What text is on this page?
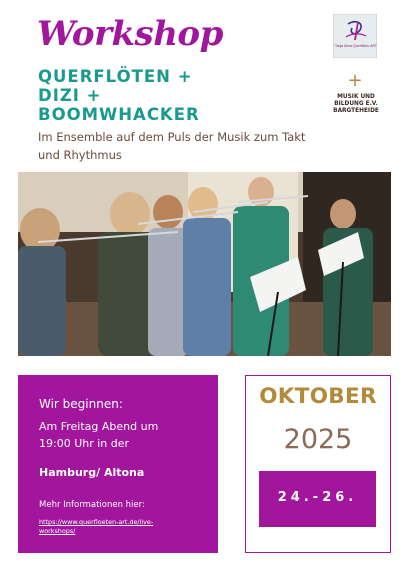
Workshop
QUERFLÖTEN +
DIZI +
BOOMWHACKER
Im Ensemble auf dem Puls der Musik zum Takt und Rhythmus
Tanja Alexa Querflöten-ART
+
MUSIK UND BILDUNG E.V. BARGTEHEIDE
Wir beginnen:
Am Freitag Abend um
19:00 Uhr in der
Hamburg/ Altona
Mehr Informationen hier:
https://www.querfloeten-art.de/live-workshops/
OKTOBER
2025
24.-26.
